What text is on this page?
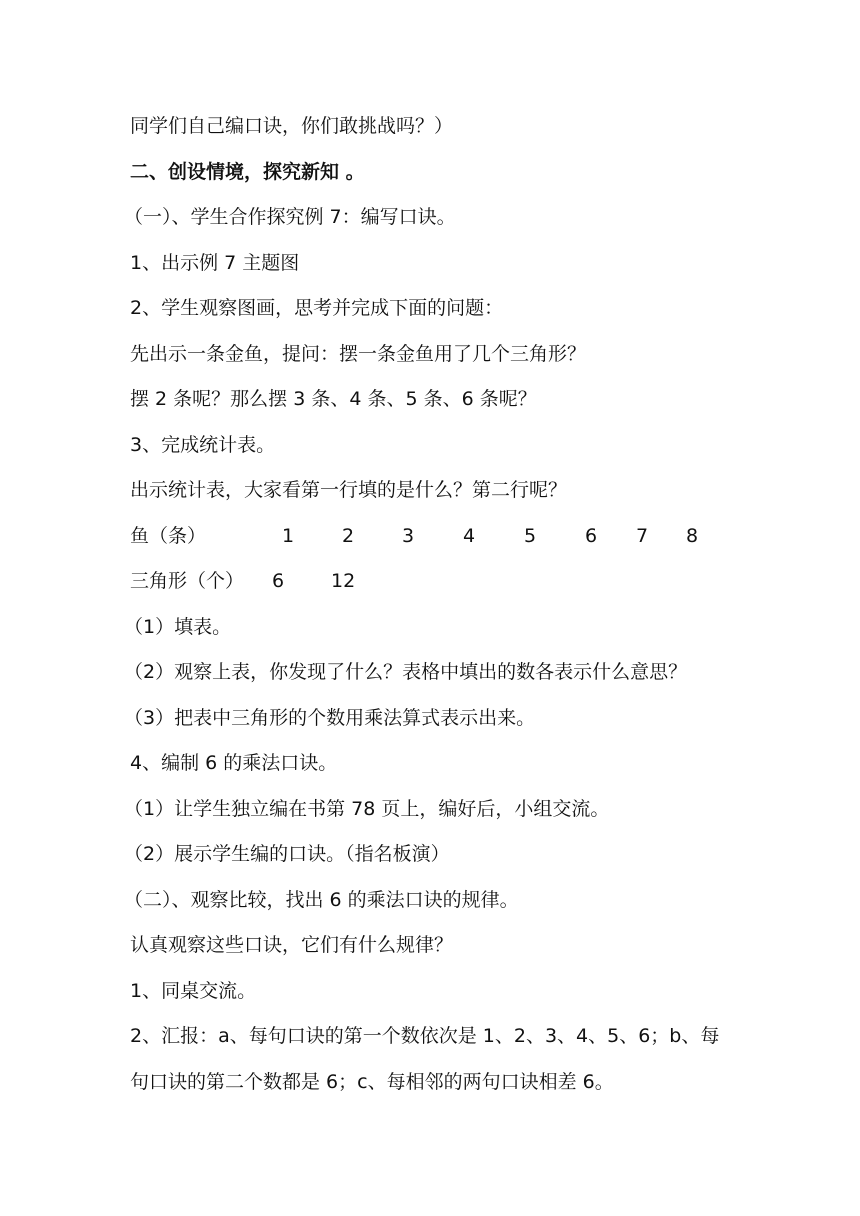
同学们自己编口诀，你们敢挑战吗？）
二、创设情境，探究新知 。
（一）、学生合作探究例 7：编写口诀。
1、出示例 7 主题图
2、学生观察图画，思考并完成下面的问题：
先出示一条金鱼，提问：摆一条金鱼用了几个三角形？
摆 2 条呢？那么摆 3 条、4 条、5 条、6 条呢？
3、完成统计表。
出示统计表，大家看第一行填的是什么？第二行呢？
鱼（条）	1	2	3	4	5	6 7 8
三角形（个） 6 12
（1）填表。
（2）观察上表，你发现了什么？表格中填出的数各表示什么意思？
（3）把表中三角形的个数用乘法算式表示出来。
4、编制 6 的乘法口诀。
（1）让学生独立编在书第 78 页上，编好后，小组交流。
（2）展示学生编的口诀。（指名板演）
（二）、观察比较，找出 6 的乘法口诀的规律。
认真观察这些口诀，它们有什么规律？
1、同桌交流。
2、汇报：a、每句口诀的第一个数依次是 1、2、3、4、5、6；b、每
句口诀的第二个数都是 6；c、每相邻的两句口诀相差 6。
